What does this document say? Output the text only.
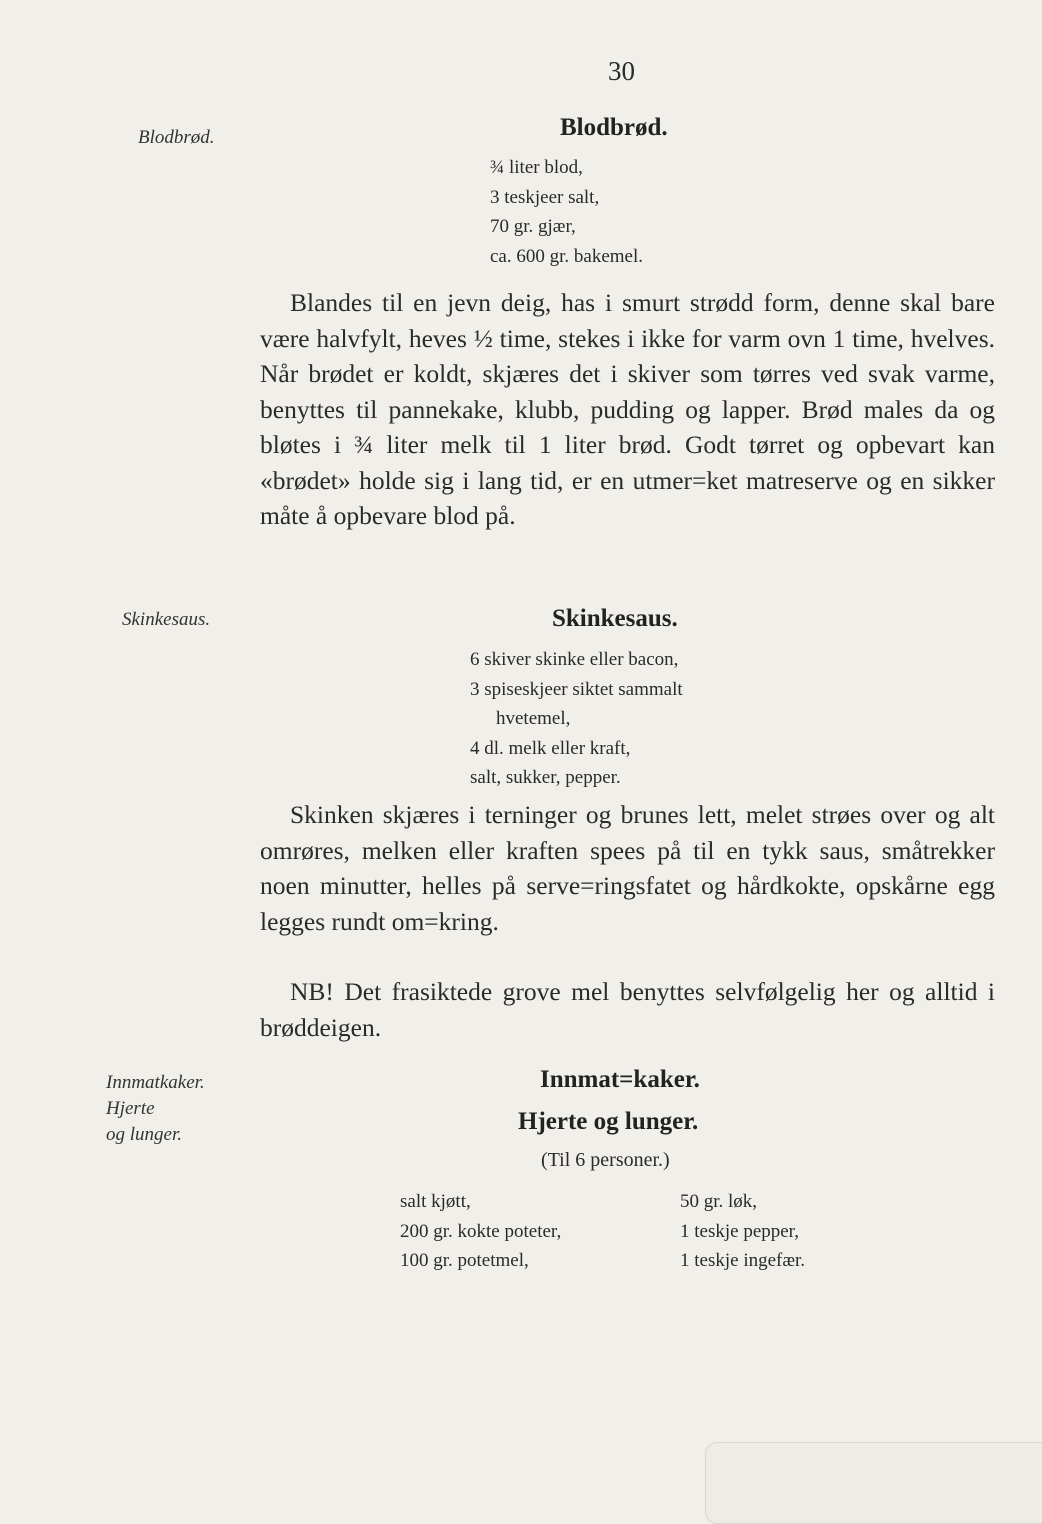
30
Blodbrød.	Blodbrød.
¾ liter blod,
3 teskjeer salt,
70 gr. gjær,
ca. 600 gr. bakemel.

Blandes til en jevn deig, has i smurt strødd form, denne skal bare være halvfylt, heves ½ time, stekes i ikke for varm ovn 1 time, hvelves. Når brødet er koldt, skjæres det i skiver som tørres ved svak varme, benyttes til pannekake, klubb, pudding og lapper. Brød males da og bløtes i ¾ liter melk til 1 liter brød. Godt tørret og opbevart kan «brødet» holde sig i lang tid, er en utmer=ket matreserve og en sikker måte å opbevare blod på.

Skinkesaus.	Skinkesaus.
6 skiver skinke eller bacon,
3 spiseskjeer siktet sammalt
hvetemel,
4 dl. melk eller kraft,
salt, sukker, pepper.

Skinken skjæres i terninger og brunes lett, melet strøes over og alt omrøres, melken eller kraften spees på til en tykk saus, småtrekker noen minutter, helles på serve=ringsfatet og hårdkokte, opskårne egg legges rundt om=kring.

NB! Det frasiktede grove mel benyttes selvfølgelig her og alltid i brøddeigen.

Innmatkaker.
Hjerte
og lunger.
Innmat=kaker.
Hjerte og lunger.
(Til 6 personer.)
salt kjøtt,
200 gr. kokte poteter,
100 gr. potetmel,
50 gr. løk,
1 teskje pepper,
1 teskje ingefær.
